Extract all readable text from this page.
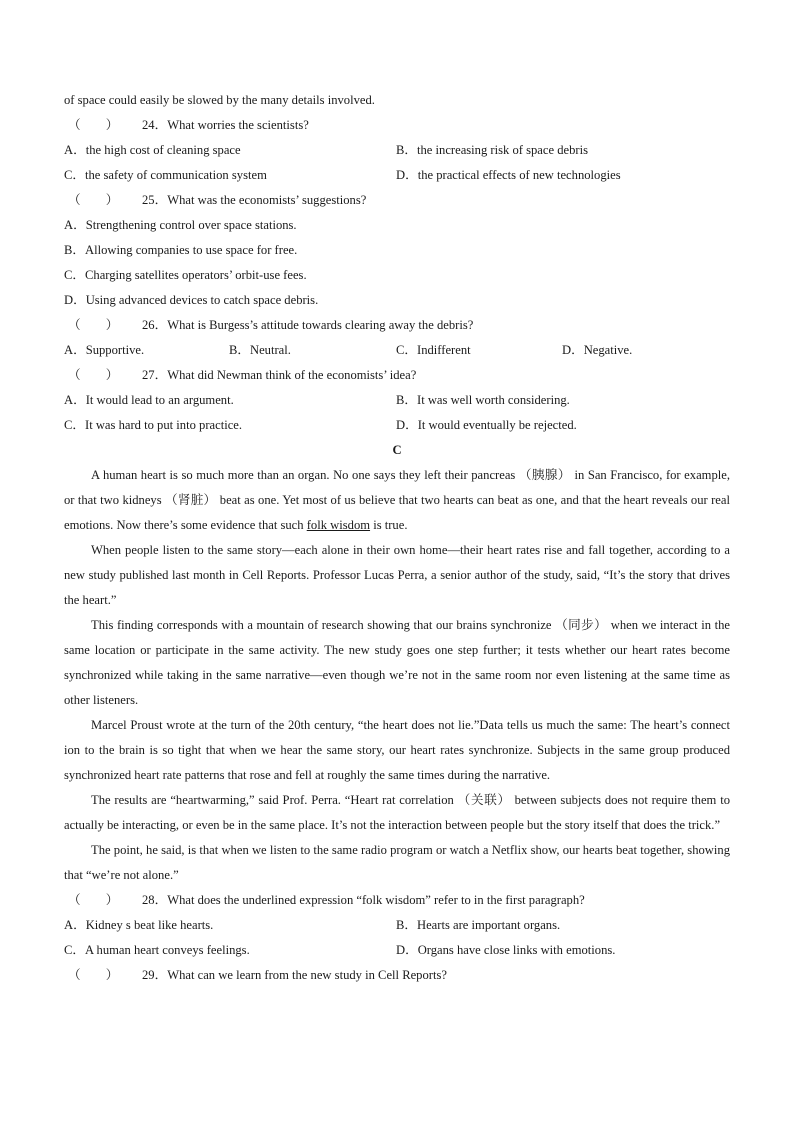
of space could easily be slowed by the many details involved.
（　　） 24．What worries the scientists?
A．the high cost of cleaning space	B．the increasing risk of space debris
C．the safety of communication system	D．the practical effects of new technologies
（　　） 25．What was the economists’ suggestions?
A．Strengthening control over space stations.
B．Allowing companies to use space for free.
C．Charging satellites operators’ orbit-use fees.
D．Using advanced devices to catch space debris.
（　　） 26．What is Burgess’s attitude towards clearing away the debris?
A．Supportive.	B．Neutral.	C．Indifferent	D．Negative.
（　　） 27．What did Newman think of the economists’ idea?
A．It would lead to an argument.	B．It was well worth considering.
C．It was hard to put into practice.	D．It would eventually be rejected.
C
A human heart is so much more than an organ. No one says they left their pancreas （胰腺） in San Francisco, for example, or that two kidneys （肾脏） beat as one. Yet most of us believe that two hearts can beat as one, and that the heart reveals our real emotions. Now there’s some evidence that such folk wisdom is true.
When people listen to the same story—each alone in their own home—their heart rates rise and fall together, according to a new study published last month in Cell Reports. Professor Lucas Perra, a senior author of the study, said, “It’s the story that drives the heart.”
This finding corresponds with a mountain of research showing that our brains synchronize （同步） when we interact in the same location or participate in the same activity. The new study goes one step further; it tests whether our heart rates become synchronized while taking in the same narrative—even though we’re not in the same room nor even listening at the same time as other listeners.
Marcel Proust wrote at the turn of the 20th century, “the heart does not lie.”Data tells us much the same: The heart’s connect ion to the brain is so tight that when we hear the same story, our heart rates synchronize. Subjects in the same group produced synchronized heart rate patterns that rose and fell at roughly the same times during the narrative.
The results are “heartwarming,” said Prof. Perra. “Heart rat correlation （关联） between subjects does not require them to actually be interacting, or even be in the same place. It’s not the interaction between people but the story itself that does the trick.”
The point, he said, is that when we listen to the same radio program or watch a Netflix show, our hearts beat together, showing that “we’re not alone.”
（　　） 28．What does the underlined expression “folk wisdom” refer to in the first paragraph?
A．Kidney s beat like hearts.	B．Hearts are important organs.
C．A human heart conveys feelings.	D．Organs have close links with emotions.
（　　） 29．What can we learn from the new study in Cell Reports?
